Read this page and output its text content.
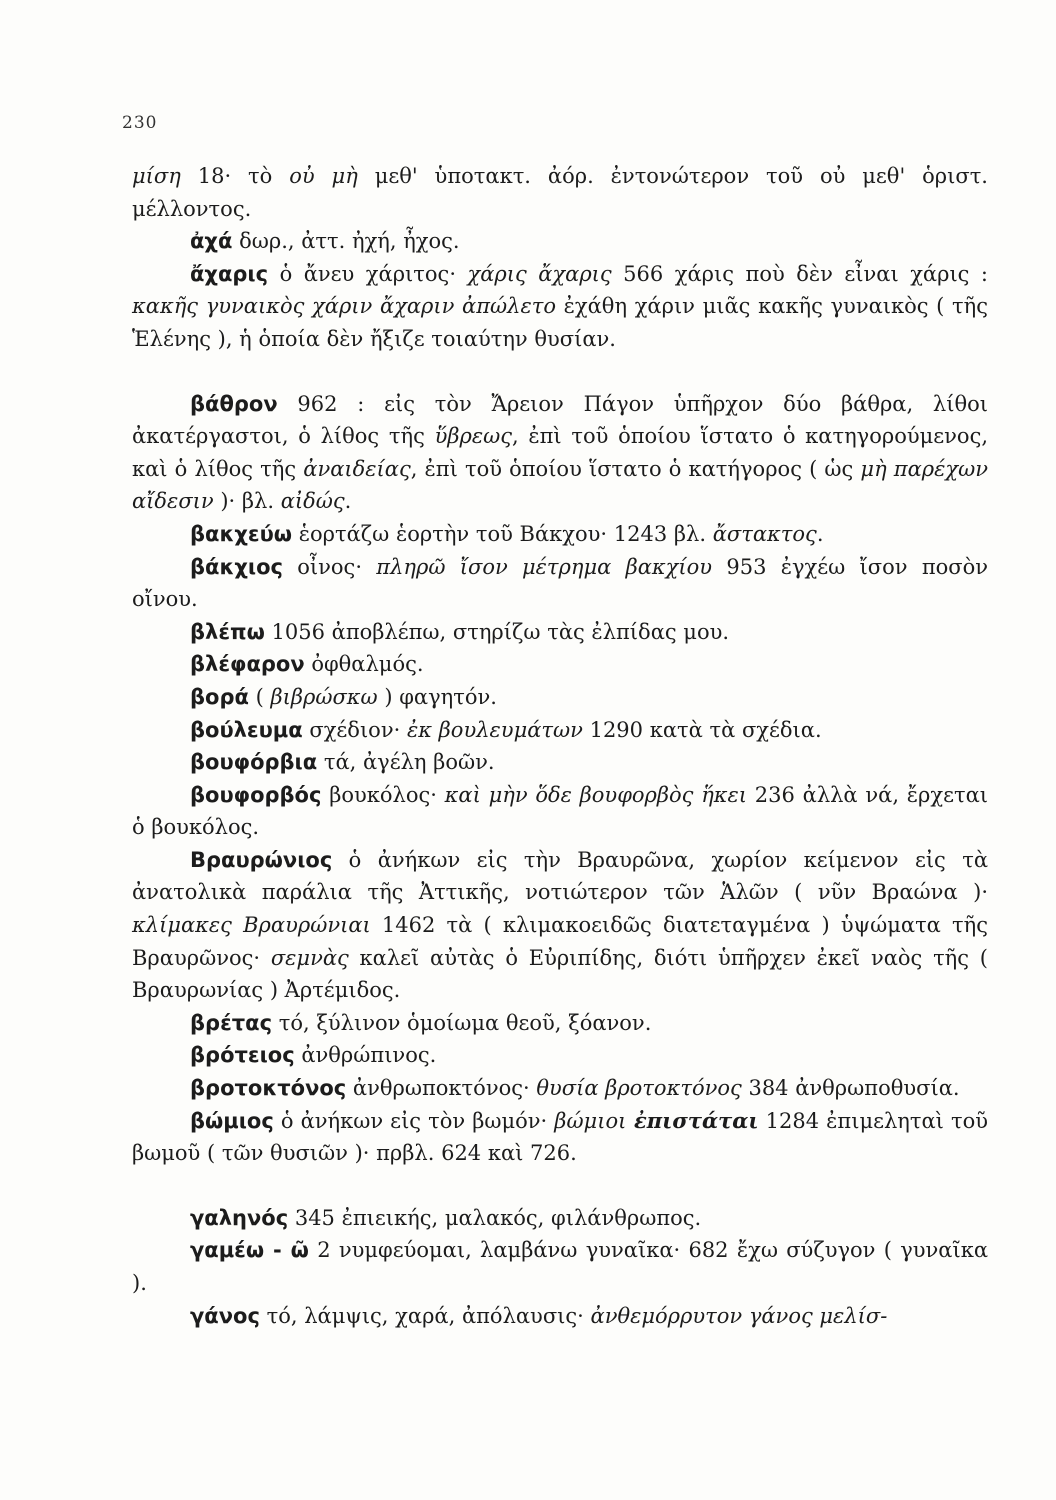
230

μίση 18· τὸ οὐ μὴ μεθ' ὑποτακτ. ἀόρ. ἐντονώτερον τοῦ οὐ μεθ' ὁριστ. μέλλοντος.

ἀχά δωρ., ἀττ. ἠχή, ἦχος.

ἄχαρις ὁ ἄνευ χάριτος· χάρις ἄχαρις 566 χάρις ποὺ δὲν εἶναι χάρις : κακῆς γυναικὸς χάριν ἄχαριν ἀπώλετο ἐχάθη χάριν μιᾶς κακῆς γυναικὸς ( τῆς Ἑλένης ), ἡ ὁποία δὲν ἤξιζε τοιαύτην θυσίαν.

βάθρον 962 : εἰς τὸν Ἄρειον Πάγον ὑπῆρχον δύο βάθρα, λίθοι ἀκατέργαστοι, ὁ λίθος τῆς ὕβρεως, ἐπὶ τοῦ ὁποίου ἵστατο ὁ κατηγορούμενος, καὶ ὁ λίθος τῆς ἀναιδείας, ἐπὶ τοῦ ὁποίου ἵστατο ὁ κατήγορος ( ὡς μὴ παρέχων αἴδεσιν )· βλ. αἰδώς.

βακχεύω ἑορτάζω ἑορτὴν τοῦ Βάκχου· 1243 βλ. ἄστακτος.

βάκχιος οἶνος· πληρῶ ἴσον μέτρημα βακχίου 953 ἐγχέω ἴσον ποσὸν οἴνου.

βλέπω 1056 ἀποβλέπω, στηρίζω τὰς ἐλπίδας μου.

βλέφαρον ὀφθαλμός.

βορά ( βιβρώσκω ) φαγητόν.

βούλευμα σχέδιον· ἐκ βουλευμάτων 1290 κατὰ τὰ σχέδια.

βουφόρβια τά, ἀγέλη βοῶν.

βουφορβός βουκόλος· καὶ μὴν ὅδε βουφορβὸς ἥκει 236 ἀλλὰ νά, ἔρχεται ὁ βουκόλος.

Βραυρώνιος ὁ ἀνήκων εἰς τὴν Βραυρῶνα, χωρίον κείμενον εἰς τὰ ἀνατολικὰ παράλια τῆς Ἀττικῆς, νοτιώτερον τῶν Ἁλῶν ( νῦν Βραώνα )· κλίμακες Βραυρώνιαι 1462 τὰ ( κλιμακοειδῶς διατεταγμένα ) ὑψώματα τῆς Βραυρῶνος· σεμνὰς καλεῖ αὐτὰς ὁ Εὐριπίδης, διότι ὑπῆρχεν ἐκεῖ ναὸς τῆς ( Βραυρωνίας ) Ἀρτέμιδος.

βρέτας τό, ξύλινον ὁμοίωμα θεοῦ, ξόανον.

βρότειος ἀνθρώπινος.

βροτοκτόνος ἀνθρωποκτόνος· θυσία βροτοκτόνος 384 ἀνθρωποθυσία.

βώμιος ὁ ἀνήκων εἰς τὸν βωμόν· βώμιοι ἐπιστάται 1284 ἐπιμεληταὶ τοῦ βωμοῦ ( τῶν θυσιῶν )· πρβλ. 624 καὶ 726.

γαληνός 345 ἐπιεικής, μαλακός, φιλάνθρωπος.

γαμέω - ῶ 2 νυμφεύομαι, λαμβάνω γυναῖκα· 682 ἔχω σύζυγον ( γυναῖκα ).

γάνος τό, λάμψις, χαρά, ἀπόλαυσις· ἀνθεμόρρυτον γάνος μελίσ-
